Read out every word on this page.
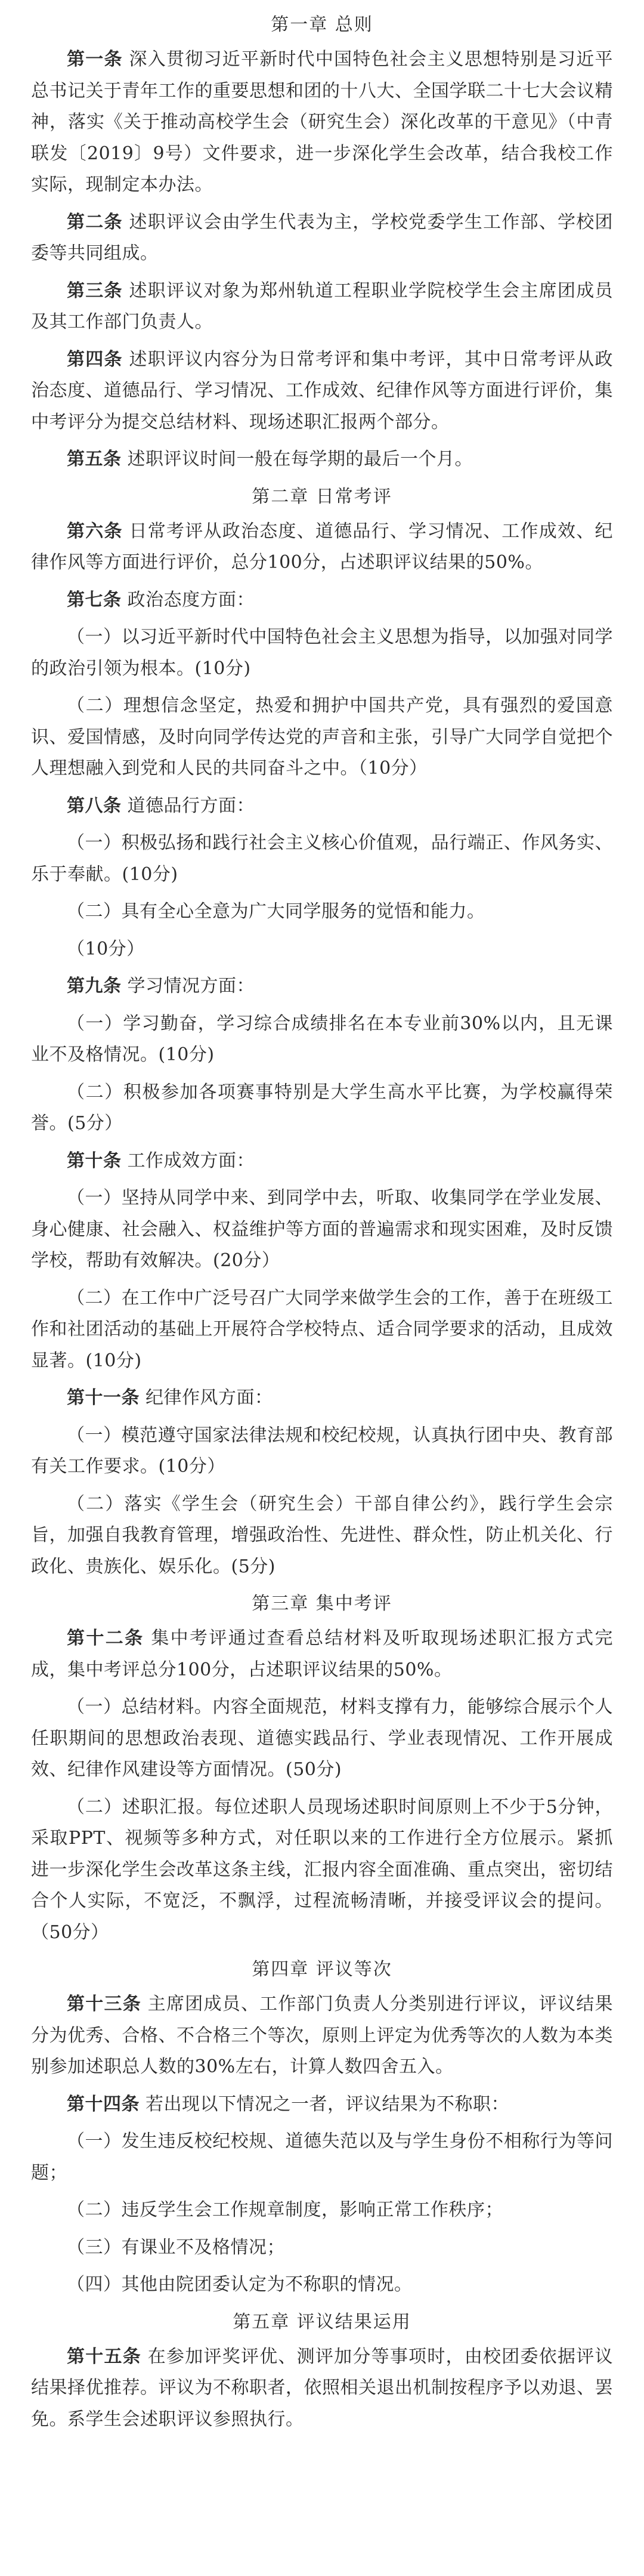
第一章 总则

第一条 深入贯彻习近平新时代中国特色社会主义思想特别是习近平总书记关于青年工作的重要思想和团的十八大、全国学联二十七大会议精神，落实《关于推动高校学生会（研究生会）深化改革的干意见》（中青联发〔2019〕9号）文件要求，进一步深化学生会改革，结合我校工作实际，现制定本办法。

第二条 述职评议会由学生代表为主，学校党委学生工作部、学校团委等共同组成。

第三条 述职评议对象为郑州轨道工程职业学院校学生会主席团成员及其工作部门负责人。

第四条 述职评议内容分为日常考评和集中考评，其中日常考评从政治态度、道德品行、学习情况、工作成效、纪律作风等方面进行评价，集中考评分为提交总结材料、现场述职汇报两个部分。

第五条 述职评议时间一般在每学期的最后一个月。

第二章 日常考评

第六条 日常考评从政治态度、道德品行、学习情况、工作成效、纪律作风等方面进行评价，总分100分，占述职评议结果的50%。

第七条 政治态度方面：

（一）以习近平新时代中国特色社会主义思想为指导，以加强对同学的政治引领为根本。(10分)

（二）理想信念坚定，热爱和拥护中国共产党，具有强烈的爱国意识、爱国情感，及时向同学传达党的声音和主张，引导广大同学自觉把个人理想融入到党和人民的共同奋斗之中。（10分）

第八条 道德品行方面：

（一）积极弘扬和践行社会主义核心价值观，品行端正、作风务实、乐于奉献。(10分)

（二）具有全心全意为广大同学服务的觉悟和能力。

（10分）

第九条 学习情况方面：

（一）学习勤奋，学习综合成绩排名在本专业前30%以内，且无课业不及格情况。(10分)

（二）积极参加各项赛事特别是大学生高水平比赛，为学校赢得荣誉。(5分）

第十条 工作成效方面：

（一）坚持从同学中来、到同学中去，听取、收集同学在学业发展、身心健康、社会融入、权益维护等方面的普遍需求和现实困难，及时反馈学校，帮助有效解决。(20分）

（二）在工作中广泛号召广大同学来做学生会的工作，善于在班级工作和社团活动的基础上开展符合学校特点、适合同学要求的活动，且成效显著。(10分)

第十一条 纪律作风方面：

（一）模范遵守国家法律法规和校纪校规，认真执行团中央、教育部有关工作要求。(10分）

（二）落实《学生会（研究生会）干部自律公约》，践行学生会宗旨，加强自我教育管理，增强政治性、先进性、群众性，防止机关化、行政化、贵族化、娱乐化。(5分)

第三章 集中考评

第十二条 集中考评通过查看总结材料及听取现场述职汇报方式完成，集中考评总分100分，占述职评议结果的50%。

（一）总结材料。内容全面规范，材料支撑有力，能够综合展示个人任职期间的思想政治表现、道德实践品行、学业表现情况、工作开展成效、纪律作风建设等方面情况。(50分)

（二）述职汇报。每位述职人员现场述职时间原则上不少于5分钟，采取PPT、视频等多种方式，对任职以来的工作进行全方位展示。紧抓进一步深化学生会改革这条主线，汇报内容全面准确、重点突出，密切结合个人实际，不宽泛，不飘浮，过程流畅清晰，并接受评议会的提问。（50分）

第四章 评议等次

第十三条 主席团成员、工作部门负责人分类别进行评议，评议结果分为优秀、合格、不合格三个等次，原则上评定为优秀等次的人数为本类别参加述职总人数的30%左右，计算人数四舍五入。

第十四条 若出现以下情况之一者，评议结果为不称职：

（一）发生违反校纪校规、道德失范以及与学生身份不相称行为等问题；

（二）违反学生会工作规章制度，影响正常工作秩序；

（三）有课业不及格情况；

（四）其他由院团委认定为不称职的情况。

第五章 评议结果运用

第十五条 在参加评奖评优、测评加分等事项时，由校团委依据评议结果择优推荐。评议为不称职者，依照相关退出机制按程序予以劝退、罢免。系学生会述职评议参照执行。
